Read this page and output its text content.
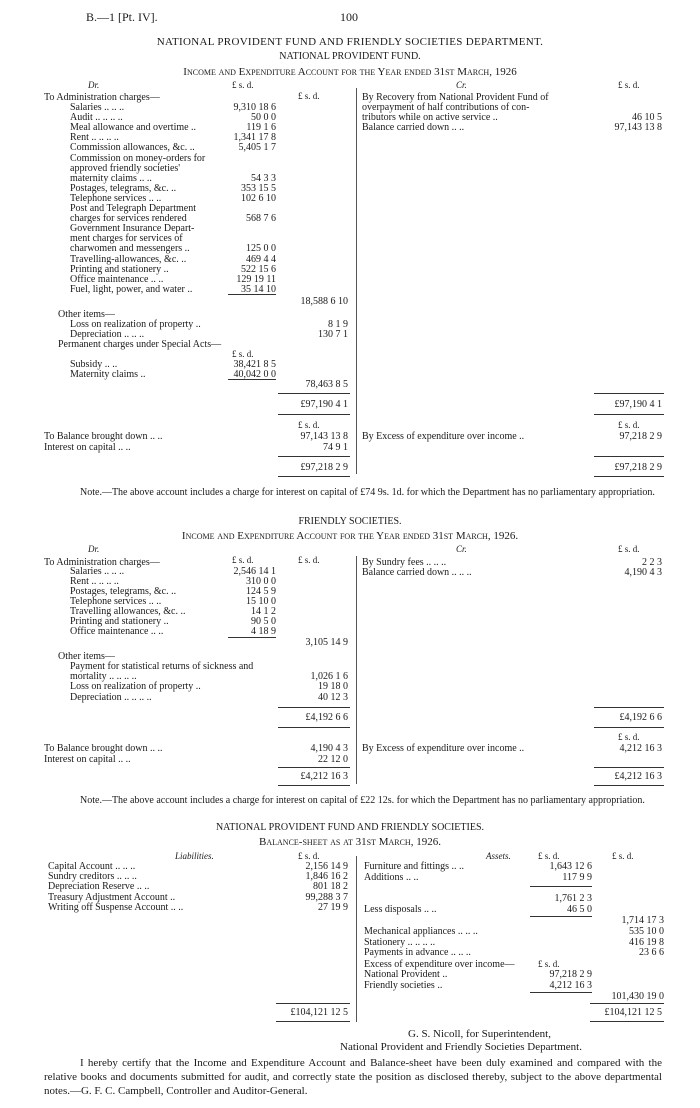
B.—1 [Pt. IV].	100
NATIONAL PROVIDENT FUND AND FRIENDLY SOCIETIES DEPARTMENT.
NATIONAL PROVIDENT FUND.
Income and Expenditure Account for the Year ended 31st March, 1926
Dr.	Cr.
£ s. d.
£ s. d.
£ s. d.
To Administration charges—
Salaries .. .. ..	9,310 18 6
Audit .. .. .. ..	50 0 0
Meal allowance and overtime ..	119 1 6
Rent .. .. .. ..	1,341 17 8
Commission allowances, &c. ..	5,405 1 7
Commission on money-orders for
approved friendly societies'
maternity claims .. ..	54 3 3
Postages, telegrams, &c. ..	353 15 5
Telephone services .. ..	102 6 10
Post and Telegraph Department
charges for services rendered	568 7 6
Government Insurance Depart-
ment charges for services of
charwomen and messengers ..	125 0 0
Travelling-allowances, &c. ..	469 4 4
Printing and stationery ..	522 15 6
Office maintenance .. ..	129 19 11
Fuel, light, power, and water ..	35 14 10
18,588 6 10
Other items—
Loss on realization of property ..	8 1 9
Depreciation .. .. ..	130 7 1
Permanent charges under Special Acts—
£ s. d.
Subsidy .. ..	38,421 8 5
Maternity claims ..	40,042 0 0
78,463 8 5
£97,190 4 1
By Recovery from National Provident Fund of
overpayment of half contributions of con-
tributors while on active service ..	46 10 5
Balance carried down .. ..	97,143 13 8
£97,190 4 1
£ s. d.	£ s. d.
To Balance brought down .. ..	97,143 13 8
Interest on capital .. ..	74 9 1
By Excess of expenditure over income ..	97,218 2 9
£97,218 2 9	£97,218 2 9
Note.—The above account includes a charge for interest on capital of £74 9s. 1d. for which the Department has no parliamentary appropriation.
FRIENDLY SOCIETIES.
Income and Expenditure Account for the Year ended 31st March, 1926.
Dr.	Cr.
£ s. d.	£ s. d.
£ s. d.
To Administration charges—
Salaries .. .. ..	2,546 14 1
Rent .. .. .. ..	310 0 0
Postages, telegrams, &c. ..	124 5 9
Telephone services .. ..	15 10 0
Travelling allowances, &c. ..	14 1 2
Printing and stationery ..	90 5 0
Office maintenance .. ..	4 18 9
3,105 14 9
Other items—
Payment for statistical returns of sickness and
mortality .. .. .. ..	1,026 1 6
Loss on realization of property ..	19 18 0
Depreciation .. .. .. ..	40 12 3
£4,192 6 6
By Sundry fees .. .. ..	2 2 3
Balance carried down .. .. ..	4,190 4 3
£4,192 6 6
£ s. d.
To Balance brought down .. ..	4,190 4 3
Interest on capital .. ..	22 12 0
By Excess of expenditure over income ..	4,212 16 3
£4,212 16 3	£4,212 16 3
Note.—The above account includes a charge for interest on capital of £22 12s. for which the Department has no parliamentary appropriation.
NATIONAL PROVIDENT FUND AND FRIENDLY SOCIETIES.
Balance-sheet as at 31st March, 1926.
Liabilities.	Assets.
£ s. d.	£ s. d.	£ s. d.
Capital Account .. .. ..	2,156 14 9
Sundry creditors .. .. ..	1,846 16 2
Depreciation Reserve .. ..	801 18 2
Treasury Adjustment Account ..	99,288 3 7
Writing off Suspense Account .. ..	27 19 9
Furniture and fittings .. ..	1,643 12 6
Additions .. ..	117 9 9
1,761 2 3
Less disposals .. ..	46 5 0
1,714 17 3
Mechanical appliances .. .. ..	535 10 0
Stationery .. .. .. ..	416 19 8
Payments in advance .. .. ..	23 6 6
Excess of expenditure over income—	£ s. d.
National Provident ..	97,218 2 9
Friendly societies ..	4,212 16 3
101,430 19 0
£104,121 12 5	£104,121 12 5
G. S. Nicoll, for Superintendent,
National Provident and Friendly Societies Department.
I hereby certify that the Income and Expenditure Account and Balance-sheet have been duly examined and compared with the relative books and documents submitted for audit, and correctly state the position as disclosed thereby, subject to the above departmental notes.—G. F. C. Campbell, Controller and Auditor-General.
